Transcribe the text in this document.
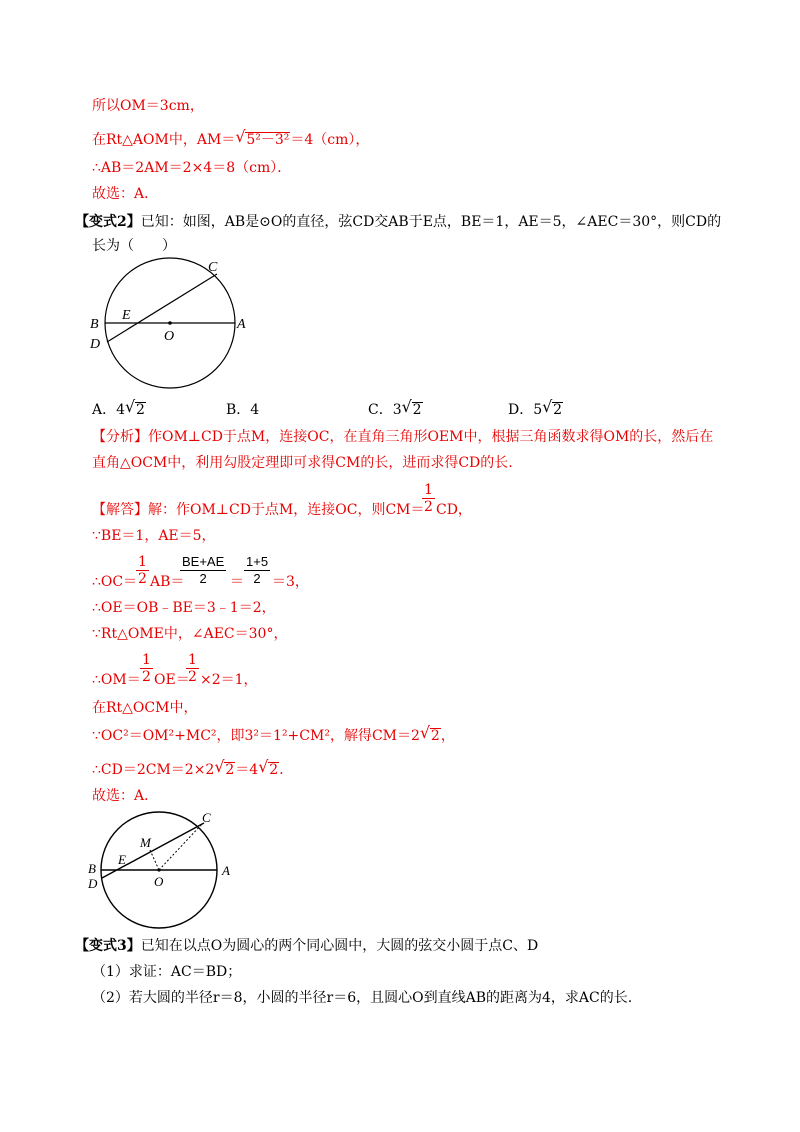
所以OM＝3cm，
在Rt△AOM中，AM＝ √ 5²－3²＝4（cm），
∴AB＝2AM＝2×4＝8（cm）．
故选：A．
【变式2】已知：如图，AB是⊙O的直径，弦CD交AB于E点，BE＝1，AE＝5，∠AEC＝30°，则CD的
长为（　　）
C
E
B
O
A
D
A．4 √ 2	B．4	C．3 √ 2	D．5 √ 2
【分析】作OM⊥CD于点M，连接OC，在直角三角形OEM中，根据三角函数求得OM的长，然后在
直角△OCM中，利用勾股定理即可求得CM的长，进而求得CD的长.
【解答】解：作OM⊥CD于点M，连接OC，则CM＝
$\frac{1}{2}$ CD，
∵BE＝1，AE＝5，
∴OC＝
$\frac{1}{2} AB=$
$\frac{BE+AE}{2} = \frac{1+5}{2} =3$，
∴OE＝OB﹣BE＝3﹣1＝2，
∵Rt△OME中，∠AEC＝30°，
∴OM＝ $\frac{1}{2} OE=$
$\frac{1}{2} \times 2=1$，
在Rt△OCM中，
∵OC²＝OM²+MC²，即3²＝1²+CM²，解得CM＝2 √ 2，
∴CD＝2CM＝2×2 √ 2＝4 √ 2.
故选：A．
C
M
E
B
O
A
D
【变式3】已知在以点O为圆心的两个同心圆中，大圆的弦交小圆于点C、D
（1）求证：AC＝BD；
（2）若大圆的半径r＝8，小圆的半径r＝6，且圆心O到直线AB的距离为4，求AC的长.
